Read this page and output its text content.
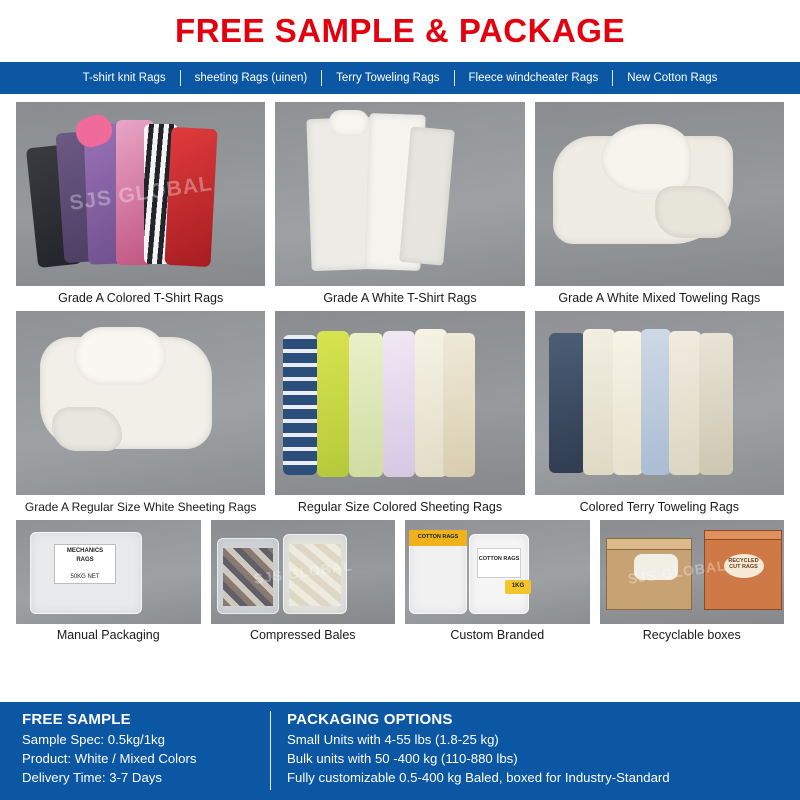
FREE SAMPLE & PACKAGE
T-shirt knit Rags	sheeting Rags (uinen)	Terry Toweling Rags	Fleece windcheater Rags	New Cotton Rags
SJS GLOBAL
Grade A Colored T-Shirt Rags	Grade A White T-Shirt Rags	Grade A White Mixed Toweling Rags
Grade A Regular Size White Sheeting Rags	Regular Size Colored Sheeting Rags	Colored Terry Toweling Rags
MECHANICS
RAGS
50KG NET
Manual Packaging
SJS GLOBAL
Compressed Bales
COTTON RAGS
COTTON RAGS
1KG
Custom Branded
RECYCLED CUT RAGS
SJS GLOBAL
Recyclable boxes
FREE SAMPLE
Sample Spec: 0.5kg/1kg
Product: White / Mixed Colors
Delivery Time: 3-7 Days
PACKAGING OPTIONS
Small Units with 4-55 lbs (1.8-25 kg)
Bulk units with 50 -400 kg (110-880 lbs)
Fully customizable 0.5-400 kg Baled, boxed for Industry-Standard
